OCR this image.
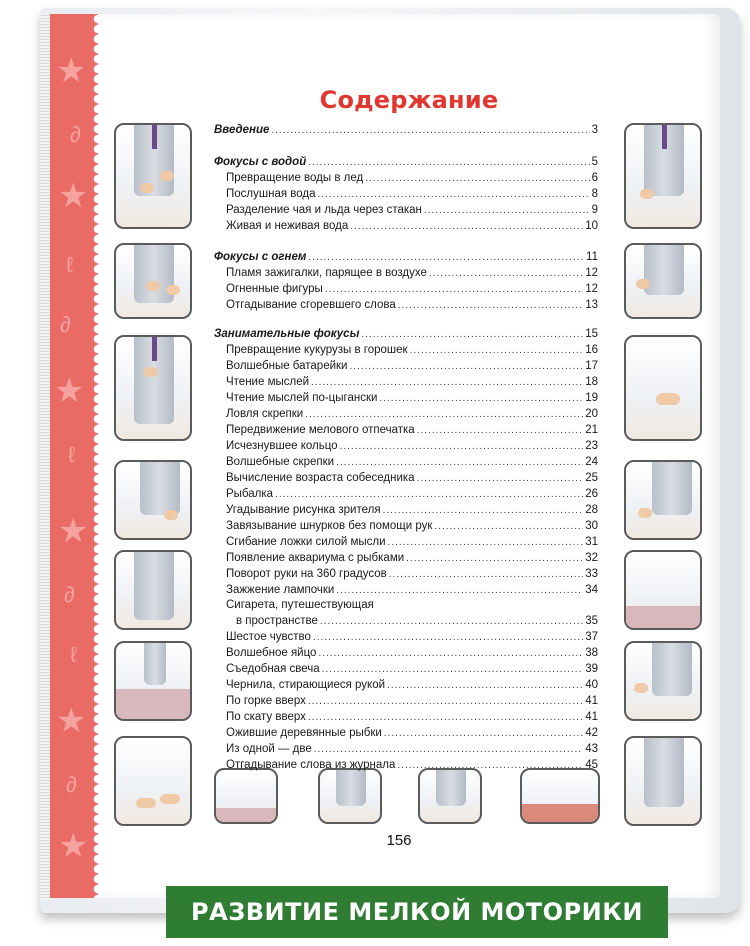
★
∂
★
ℓ
∂
★
ℓ
★
∂
ℓ
★
∂
★
Содержание
Введение .....	3
Фокусы с водой .....	5
Превращение воды в лед .....	6
Послушная вода .....	8
Разделение чая и льда через стакан .....	9
Живая и неживая вода .....	10
Фокусы с огнем .....	11
Пламя зажигалки, парящее в воздухе .....	12
Огненные фигуры .....	12
Отгадывание сгоревшего слова .....	13
Занимательные фокусы .....	15
Превращение кукурузы в горошек .....	16
Волшебные батарейки .....	17
Чтение мыслей .....	18
Чтение мыслей по-цыгански .....	19
Ловля скрепки .....	20
Передвижение мелового отпечатка .....	21
Исчезнувшее кольцо .....	23
Волшебные скрепки .....	24
Вычисление возраста собеседника .....	25
Рыбалка .....	26
Угадывание рисунка зрителя .....	28
Завязывание шнурков без помощи рук .....	30
Сгибание ложки силой мысли .....	31
Появление аквариума с рыбками .....	32
Поворот руки на 360 градусов .....	33
Зажжение лампочки .....	34
Сигарета, путешествующая
в пространстве .....	35
Шестое чувство .....	37
Волшебное яйцо .....	38
Съедобная свеча .....	39
Чернила, стирающиеся рукой .....	40
По горке вверх .....	41
По скату вверх .....	41
Ожившие деревянные рыбки .....	42
Из одной — две .....	43
Отгадывание слова из журнала .....	45
156
РАЗВИТИЕ МЕЛКОЙ МОТОРИКИ
